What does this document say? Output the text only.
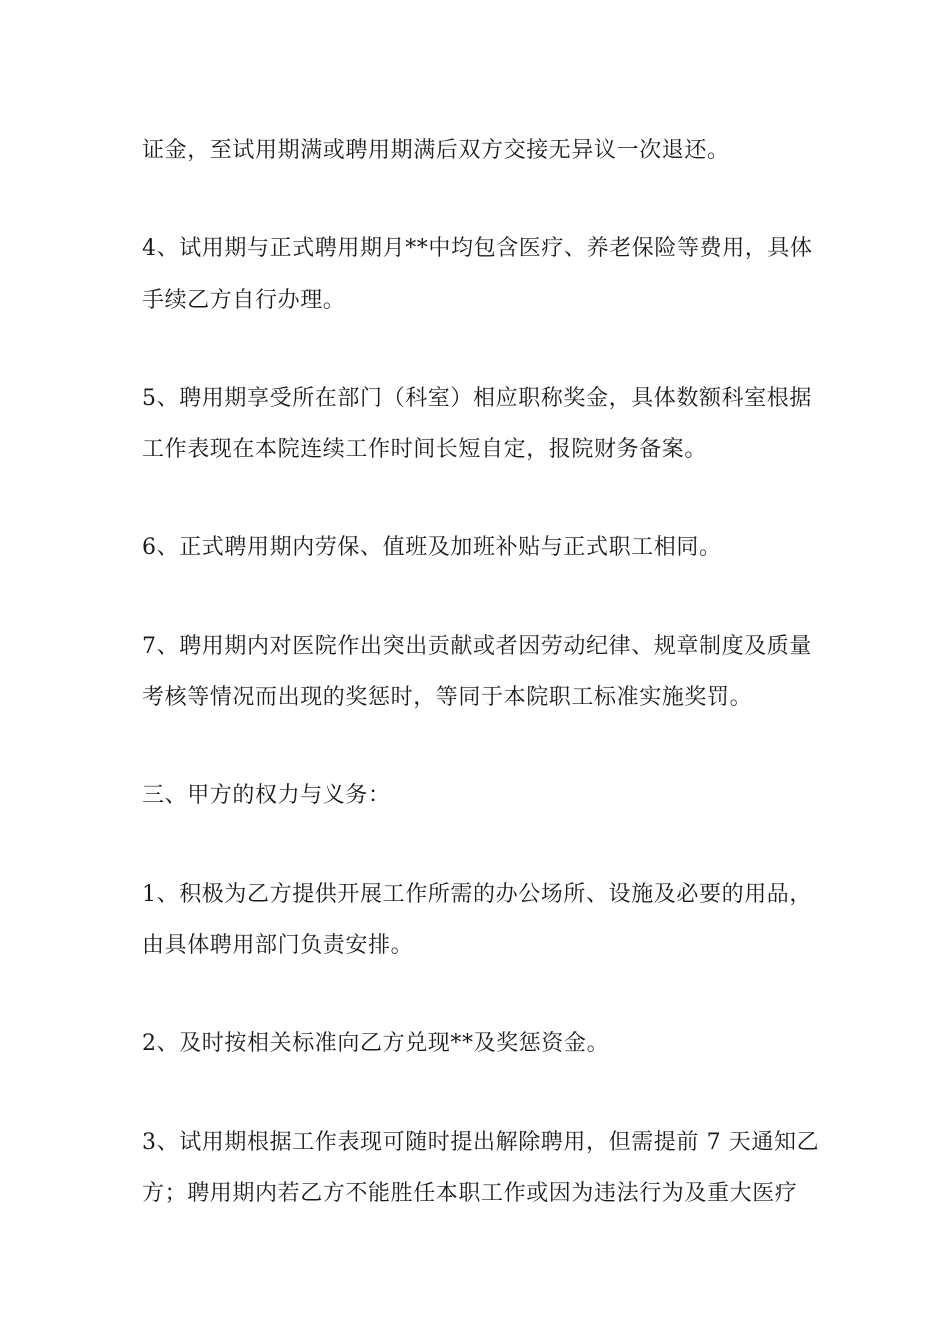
证金，至试用期满或聘用期满后双方交接无异议一次退还。

4、试用期与正式聘用期月**中均包含医疗、养老保险等费用，具体

手续乙方自行办理。

5、聘用期享受所在部门（科室）相应职称奖金，具体数额科室根据

工作表现在本院连续工作时间长短自定，报院财务备案。

6、正式聘用期内劳保、值班及加班补贴与正式职工相同。

7、聘用期内对医院作出突出贡献或者因劳动纪律、规章制度及质量

考核等情况而出现的奖惩时，等同于本院职工标准实施奖罚。

三、甲方的权力与义务：

1、积极为乙方提供开展工作所需的办公场所、设施及必要的用品，

由具体聘用部门负责安排。

2、及时按相关标准向乙方兑现**及奖惩资金。

3、试用期根据工作表现可随时提出解除聘用，但需提前 7 天通知乙

方；聘用期内若乙方不能胜任本职工作或因为违法行为及重大医疗
